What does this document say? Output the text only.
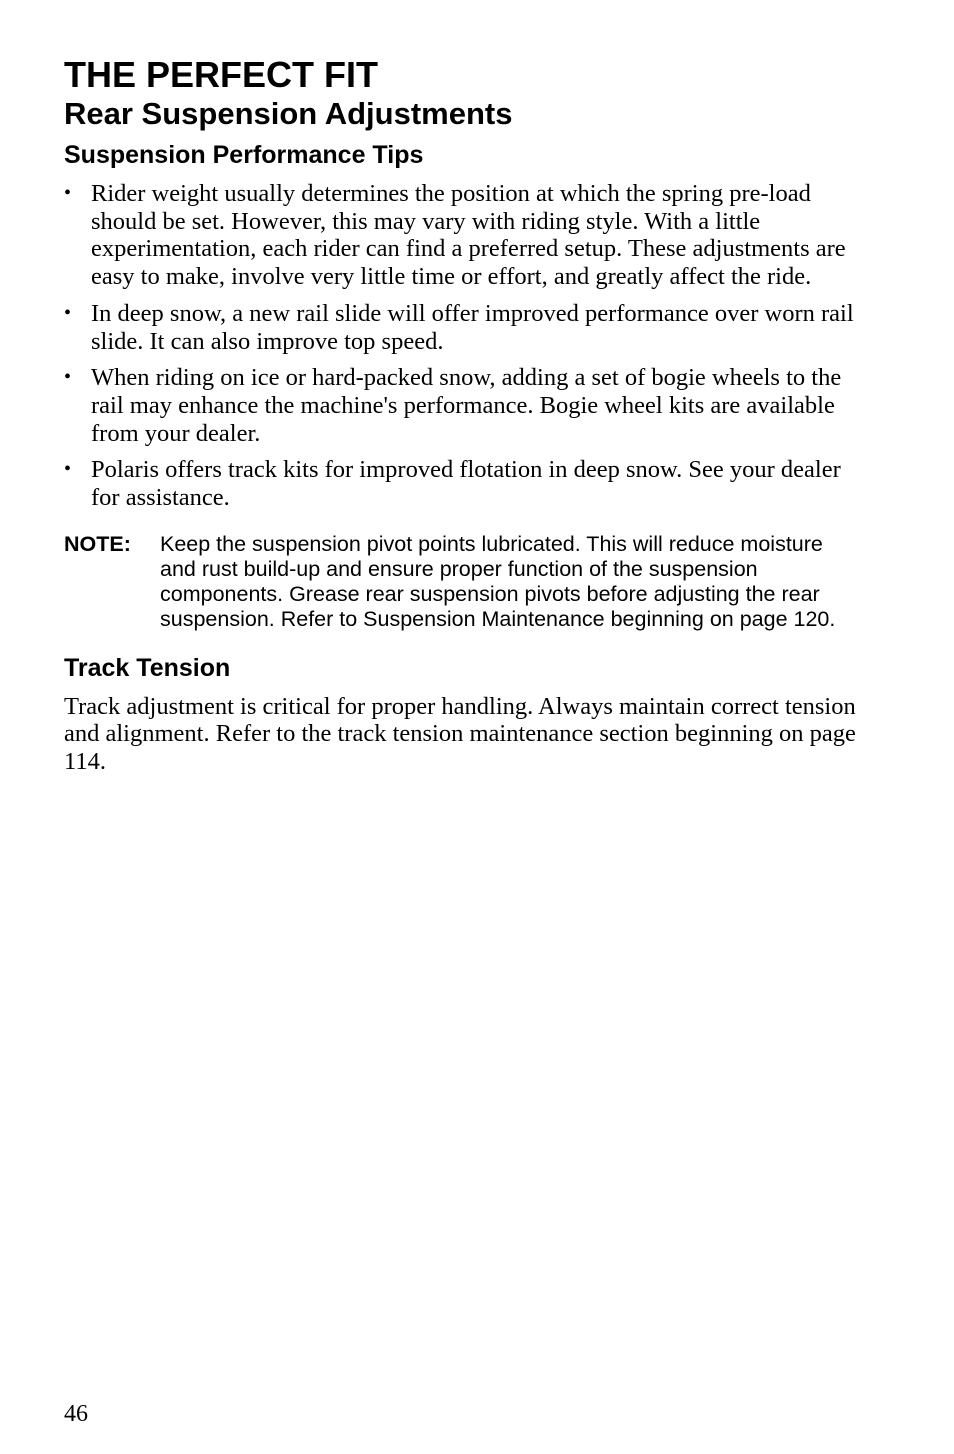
THE PERFECT FIT
Rear Suspension Adjustments
Suspension Performance Tips
• Rider weight usually determines the position at which the spring pre-load should be set. However, this may vary with riding style. With a little experimentation, each rider can find a preferred setup. These adjustments are easy to make, involve very little time or effort, and greatly affect the ride.
• In deep snow, a new rail slide will offer improved performance over worn rail slide. It can also improve top speed.
• When riding on ice or hard-packed snow, adding a set of bogie wheels to the rail may enhance the machine's performance. Bogie wheel kits are available from your dealer.
• Polaris offers track kits for improved flotation in deep snow. See your dealer for assistance.
NOTE:	Keep the suspension pivot points lubricated. This will reduce moisture and rust build-up and ensure proper function of the suspension components. Grease rear suspension pivots before adjusting the rear suspension. Refer to Suspension Maintenance beginning on page 120.
Track Tension

Track adjustment is critical for proper handling. Always maintain correct tension and alignment. Refer to the track tension maintenance section beginning on page 114.

46
